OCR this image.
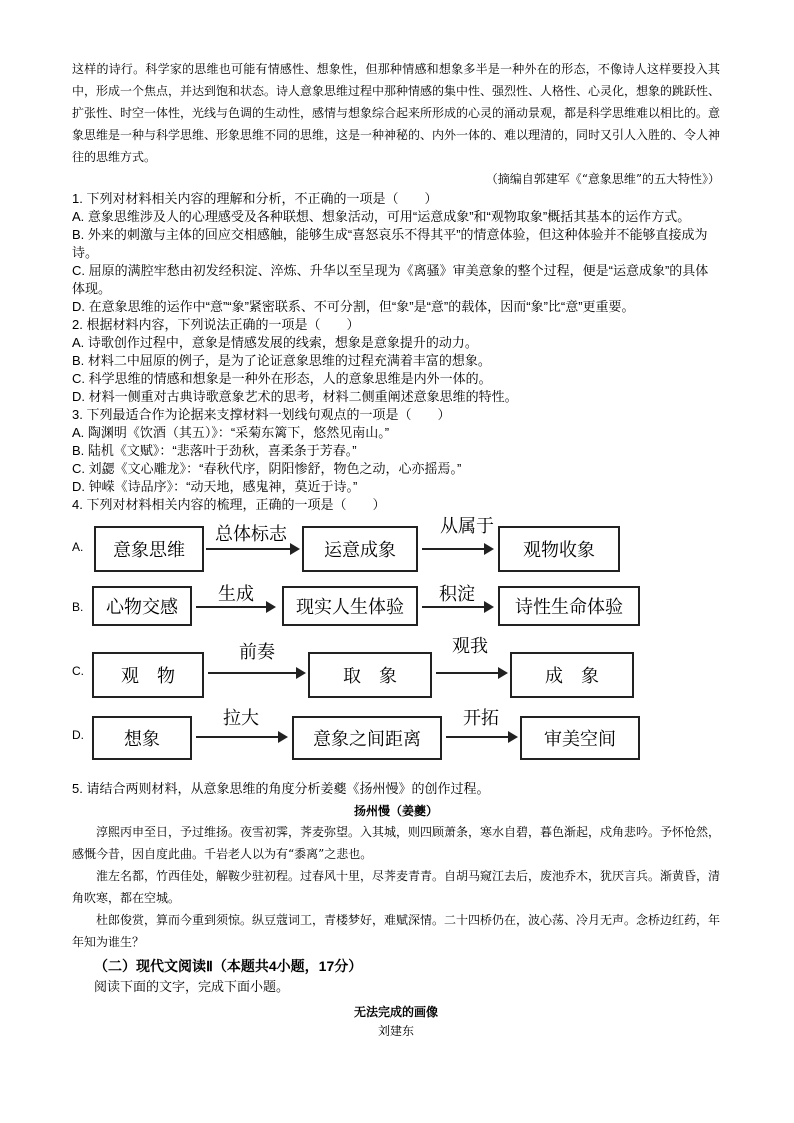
这样的诗行。科学家的思维也可能有情感性、想象性，但那种情感和想象多半是一种外在的形态，不像诗人这样要投入其中，形成一个焦点，并达到饱和状态。诗人意象思维过程中那种情感的集中性、强烈性、人格性、心灵化，想象的跳跃性、扩张性、时空一体性，光线与色调的生动性，感情与想象综合起来所形成的心灵的涌动景观，都是科学思维难以相比的。意象思维是一种与科学思维、形象思维不同的思维，这是一种神秘的、内外一体的、难以理清的，同时又引人入胜的、令人神往的思维方式。

（摘编自郭建军《“意象思维”的五大特性》）

1. 下列对材料相关内容的理解和分析，不正确的一项是（　　）

A. 意象思维涉及人的心理感受及各种联想、想象活动，可用“运意成象”和“观物取象”概括其基本的运作方式。

B. 外来的刺激与主体的回应交相感触，能够生成“喜怒哀乐不得其平”的情意体验，但这种体验并不能够直接成为诗。

C. 屈原的满腔牢愁由初发经积淀、淬炼、升华以至呈现为《离骚》审美意象的整个过程，便是“运意成象”的具体体现。

D. 在意象思维的运作中“意”“象”紧密联系、不可分割，但“象”是“意”的载体，因而“象”比“意”更重要。

2. 根据材料内容，下列说法正确的一项是（　　）

A. 诗歌创作过程中，意象是情感发展的线索，想象是意象提升的动力。

B. 材料二中屈原的例子，是为了论证意象思维的过程充满着丰富的想象。

C. 科学思维的情感和想象是一种外在形态，人的意象思维是内外一体的。

D. 材料一侧重对古典诗歌意象艺术的思考，材料二侧重阐述意象思维的特性。

3. 下列最适合作为论据来支撑材料一划线句观点的一项是（　　）

A. 陶渊明《饮酒（其五）》：“采菊东篱下，悠然见南山。”

B. 陆机《文赋》：“悲落叶于劲秋，喜柔条于芳春。”

C. 刘勰《文心雕龙》：“春秋代序，阴阳惨舒，物色之动，心亦摇焉。”

D. 钟嵘《诗品序》：“动天地，感鬼神，莫近于诗。”

4. 下列对材料相关内容的梳理，正确的一项是（　　）

A.	意象思维
总体标志
运意成象
从属于
观物收象
B.	心物交感
生成
现实人生体验
积淀
诗性生命体验
C.	观　物
前奏
取　象
观我
成　象
D.	想象
拉大
意象之间距离
开拓
审美空间

5. 请结合两则材料，从意象思维的角度分析姜夔《扬州慢》的创作过程。

扬州慢（姜夔）

淳熙丙申至日，予过维扬。夜雪初霁，荠麦弥望。入其城，则四顾萧条，寒水自碧，暮色渐起，戍角悲吟。予怀怆然，感慨今昔，因自度此曲。千岩老人以为有“黍离”之悲也。

淮左名都，竹西佳处，解鞍少驻初程。过春风十里，尽荠麦青青。自胡马窥江去后，废池乔木，犹厌言兵。渐黄昏，清角吹寒，都在空城。

杜郎俊赏，算而今重到须惊。纵豆蔻词工，青楼梦好，难赋深情。二十四桥仍在，波心荡、冷月无声。念桥边红药，年年知为谁生？

（二）现代文阅读Ⅱ（本题共4小题，17分）

阅读下面的文字，完成下面小题。

无法完成的画像

刘建东
